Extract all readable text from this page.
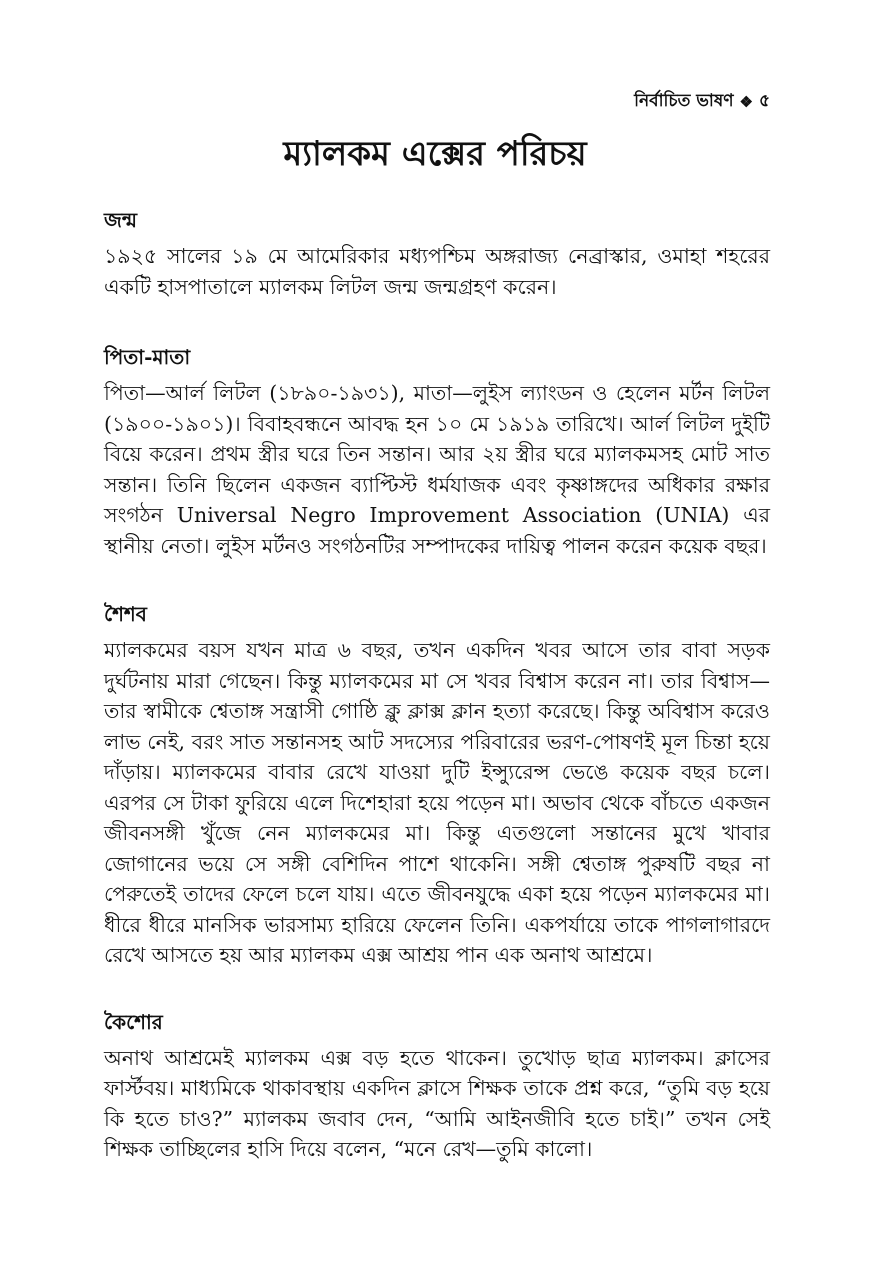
নির্বাচিত ভাষণ ❖ ৫
ম্যালকম এক্সের পরিচয়
জন্ম

১৯২৫ সালের ১৯ মে আমেরিকার মধ্যপশ্চিম অঙ্গরাজ্য নেব্রাস্কার, ওমাহা শহরের একটি হাসপাতালে ম্যালকম লিটল জন্ম জন্মগ্রহণ করেন।

পিতা-মাতা

পিতা—আর্ল লিটল (১৮৯০-১৯৩১), মাতা—লুইস ল্যাংডন ও হেলেন মর্টন লিটল (১৯০০-১৯০১)। বিবাহবন্ধনে আবদ্ধ হন ১০ মে ১৯১৯ তারিখে। আর্ল লিটল দুইটি বিয়ে করেন। প্রথম স্ত্রীর ঘরে তিন সন্তান। আর ২য় স্ত্রীর ঘরে ম্যালকমসহ মোট সাত সন্তান। তিনি ছিলেন একজন ব্যাপ্টিস্ট ধর্মযাজক এবং কৃষ্ণাঙ্গদের অধিকার রক্ষার সংগঠন Universal Negro Improvement Association (UNIA) এর স্থানীয় নেতা। লুইস মর্টনও সংগঠনটির সম্পাদকের দায়িত্ব পালন করেন কয়েক বছর।

শৈশব

ম্যালকমের বয়স যখন মাত্র ৬ বছর, তখন একদিন খবর আসে তার বাবা সড়ক দুর্ঘটনায় মারা গেছেন। কিন্তু ম্যালকমের মা সে খবর বিশ্বাস করেন না। তার বিশ্বাস—তার স্বামীকে শ্বেতাঙ্গ সন্ত্রাসী গোষ্ঠি ক্লু ক্লাক্স ক্লান হত্যা করেছে। কিন্তু অবিশ্বাস করেও লাভ নেই, বরং সাত সন্তানসহ আট সদস্যের পরিবারের ভরণ-পোষণই মূল চিন্তা হয়ে দাঁড়ায়। ম্যালকমের বাবার রেখে যাওয়া দুটি ইন্স্যুরেন্স ভেঙে কয়েক বছর চলে। এরপর সে টাকা ফুরিয়ে এলে দিশেহারা হয়ে পড়েন মা। অভাব থেকে বাঁচতে একজন জীবনসঙ্গী খুঁজে নেন ম্যালকমের মা। কিন্তু এতগুলো সন্তানের মুখে খাবার জোগানের ভয়ে সে সঙ্গী বেশিদিন পাশে থাকেনি। সঙ্গী শ্বেতাঙ্গ পুরুষটি বছর না পেরুতেই তাদের ফেলে চলে যায়। এতে জীবনযুদ্ধে একা হয়ে পড়েন ম্যালকমের মা। ধীরে ধীরে মানসিক ভারসাম্য হারিয়ে ফেলেন তিনি। একপর্যায়ে তাকে পাগলাগারদে রেখে আসতে হয় আর ম্যালকম এক্স আশ্রয় পান এক অনাথ আশ্রমে।

কৈশোর

অনাথ আশ্রমেই ম্যালকম এক্স বড় হতে থাকেন। তুখোড় ছাত্র ম্যালকম। ক্লাসের ফার্স্টবয়। মাধ্যমিকে থাকাবস্থায় একদিন ক্লাসে শিক্ষক তাকে প্রশ্ন করে, “তুমি বড় হয়ে কি হতে চাও?” ম্যালকম জবাব দেন, “আমি আইনজীবি হতে চাই।” তখন সেই শিক্ষক তাচ্ছিলের হাসি দিয়ে বলেন, “মনে রেখ—তুমি কালো।
